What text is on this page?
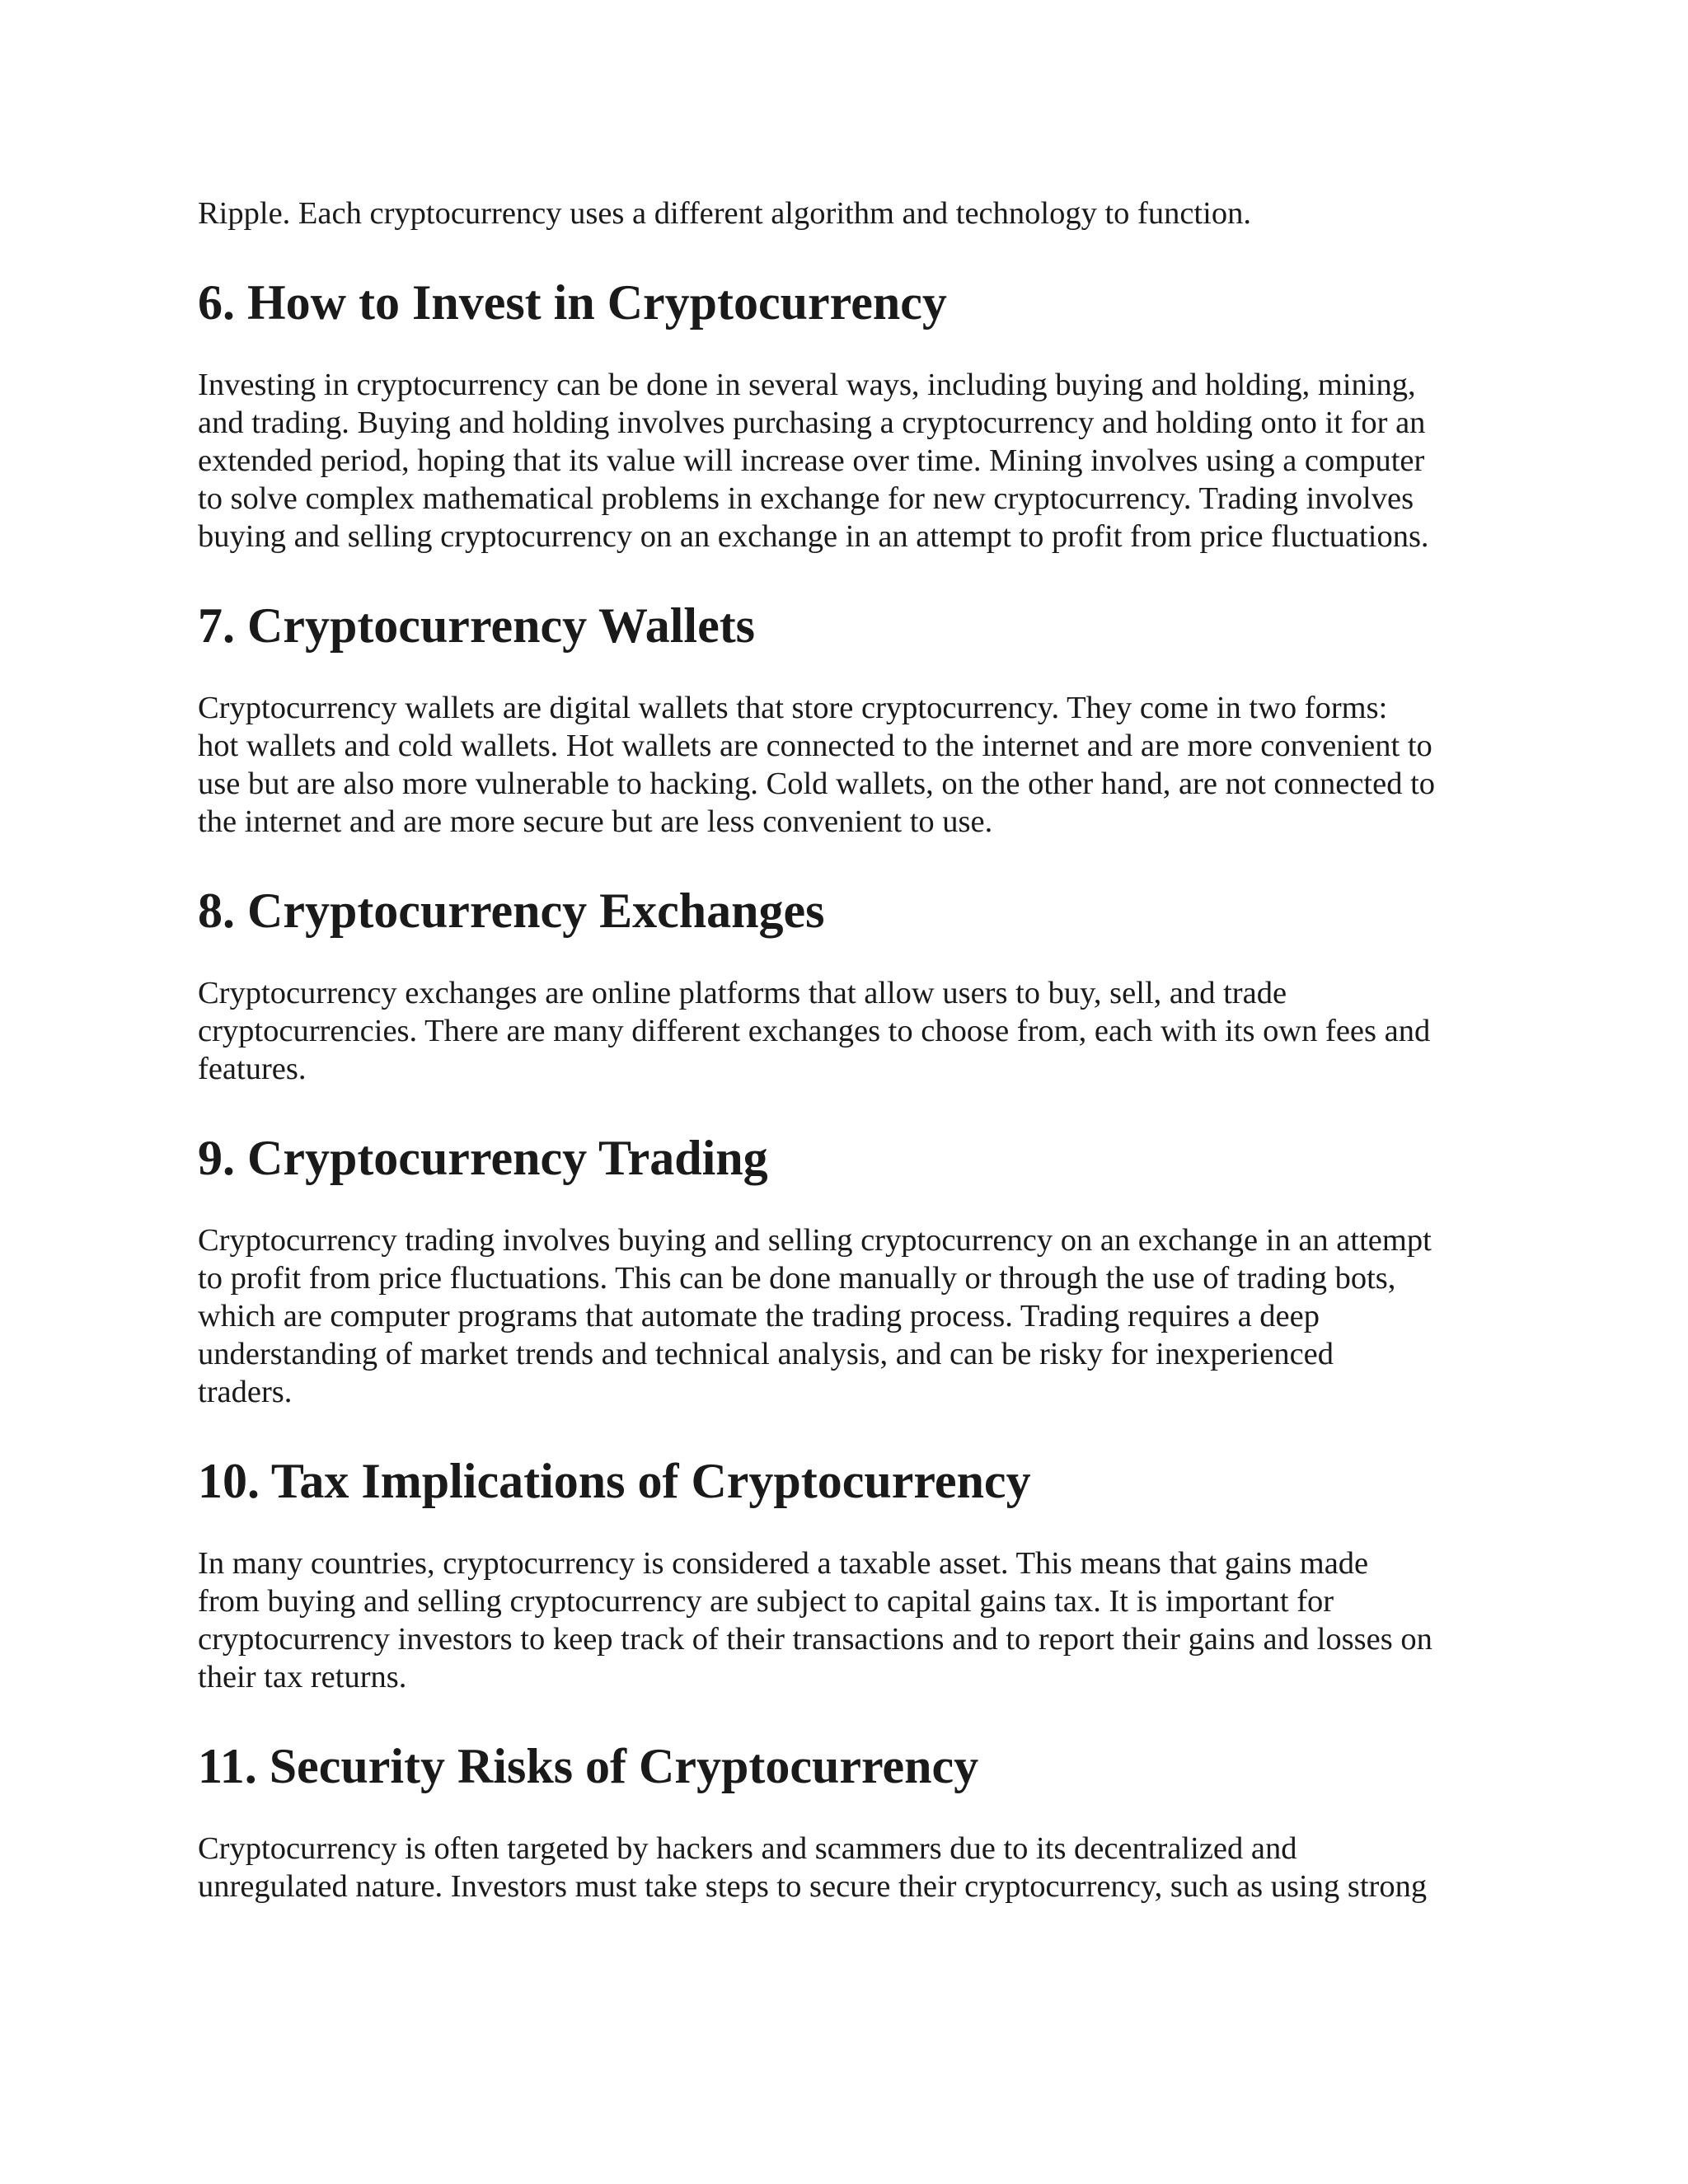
Ripple. Each cryptocurrency uses a different algorithm and technology to function.

6. How to Invest in Cryptocurrency

Investing in cryptocurrency can be done in several ways, including buying and holding, mining,
and trading. Buying and holding involves purchasing a cryptocurrency and holding onto it for an
extended period, hoping that its value will increase over time. Mining involves using a computer
to solve complex mathematical problems in exchange for new cryptocurrency. Trading involves
buying and selling cryptocurrency on an exchange in an attempt to profit from price fluctuations.

7. Cryptocurrency Wallets

Cryptocurrency wallets are digital wallets that store cryptocurrency. They come in two forms:
hot wallets and cold wallets. Hot wallets are connected to the internet and are more convenient to
use but are also more vulnerable to hacking. Cold wallets, on the other hand, are not connected to
the internet and are more secure but are less convenient to use.

8. Cryptocurrency Exchanges

Cryptocurrency exchanges are online platforms that allow users to buy, sell, and trade
cryptocurrencies. There are many different exchanges to choose from, each with its own fees and
features.

9. Cryptocurrency Trading

Cryptocurrency trading involves buying and selling cryptocurrency on an exchange in an attempt
to profit from price fluctuations. This can be done manually or through the use of trading bots,
which are computer programs that automate the trading process. Trading requires a deep
understanding of market trends and technical analysis, and can be risky for inexperienced
traders.

10. Tax Implications of Cryptocurrency

In many countries, cryptocurrency is considered a taxable asset. This means that gains made
from buying and selling cryptocurrency are subject to capital gains tax. It is important for
cryptocurrency investors to keep track of their transactions and to report their gains and losses on
their tax returns.

11. Security Risks of Cryptocurrency

Cryptocurrency is often targeted by hackers and scammers due to its decentralized and
unregulated nature. Investors must take steps to secure their cryptocurrency, such as using strong
